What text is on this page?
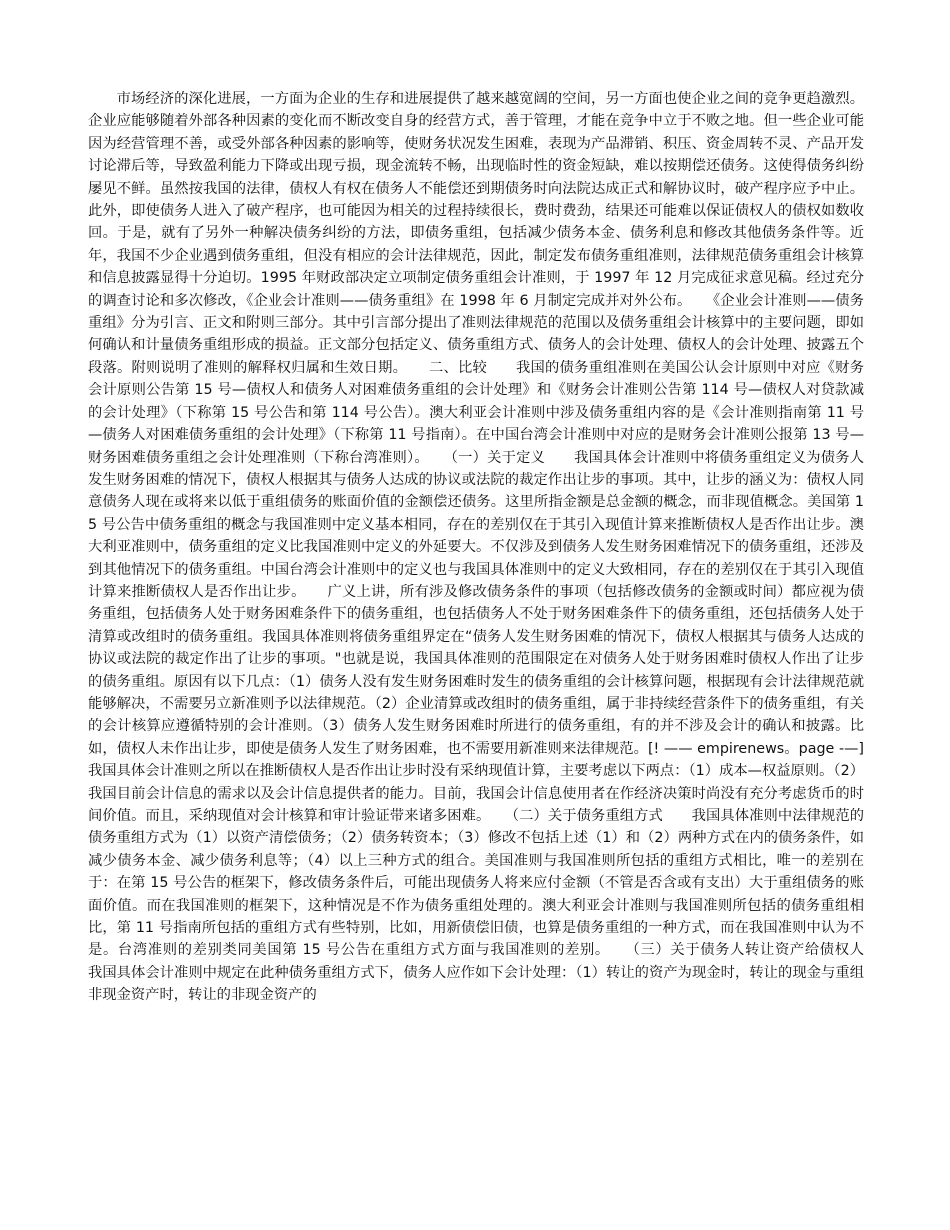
市场经济的深化进展，一方面为企业的生存和进展提供了越来越宽阔的空间，另一方面也使企业之间的竞争更趋激烈。企业应能够随着外部各种因素的变化而不断改变自身的经营方式，善于管理，才能在竞争中立于不败之地。但一些企业可能因为经营管理不善，或受外部各种因素的影响等，使财务状况发生困难，表现为产品滞销、积压、资金周转不灵、产品开发讨论滞后等，导致盈利能力下降或出现亏损，现金流转不畅，出现临时性的资金短缺，难以按期偿还债务。这使得债务纠纷屡见不鲜。虽然按我国的法律，债权人有权在债务人不能偿还到期债务时向法院达成正式和解协议时，破产程序应予中止。此外，即使债务人进入了破产程序，也可能因为相关的过程持续很长，费时费劲，结果还可能难以保证债权人的债权如数收回。于是，就有了另外一种解决债务纠纷的方法，即债务重组，包括减少债务本金、债务利息和修改其他债务条件等。近年，我国不少企业遇到债务重组，但没有相应的会计法律规范，因此，制定发布债务重组准则，法律规范债务重组会计核算和信息披露显得十分迫切。1995 年财政部决定立项制定债务重组会计准则，于 1997 年 12 月完成征求意见稿。经过充分的调查讨论和多次修改，《企业会计准则——债务重组》在 1998 年 6 月制定完成并对外公布。　　《企业会计准则——债务重组》分为引言、正文和附则三部分。其中引言部分提出了准则法律规范的范围以及债务重组会计核算中的主要问题，即如何确认和计量债务重组形成的损益。正文部分包括定义、债务重组方式、债务人的会计处理、债权人的会计处理、披露五个段落。附则说明了准则的解释权归属和生效日期。　　二、比较　　我国的债务重组准则在美国公认会计原则中对应《财务会计原则公告第 15 号—债权人和债务人对困难债务重组的会计处理》和《财务会计准则公告第 114 号—债权人对贷款减的会计处理》（下称第 15 号公告和第 114 号公告）。澳大利亚会计准则中涉及债务重组内容的是《会计准则指南第 11 号—债务人对困难债务重组的会计处理》（下称第 11 号指南）。在中国台湾会计准则中对应的是财务会计准则公报第 13 号—财务困难债务重组之会计处理准则（下称台湾准则）。　　（一）关于定义　　我国具体会计准则中将债务重组定义为债务人发生财务困难的情况下，债权人根据其与债务人达成的协议或法院的裁定作出让步的事项。其中，让步的涵义为：债权人同意债务人现在或将来以低于重组债务的账面价值的金额偿还债务。这里所指金额是总金额的概念，而非现值概念。美国第 15 号公告中债务重组的概念与我国准则中定义基本相同，存在的差别仅在于其引入现值计算来推断债权人是否作出让步。澳大利亚准则中，债务重组的定义比我国准则中定义的外延要大。不仅涉及到债务人发生财务困难情况下的债务重组，还涉及到其他情况下的债务重组。中国台湾会计准则中的定义也与我国具体准则中的定义大致相同，存在的差别仅在于其引入现值计算来推断债权人是否作出让步。　　广义上讲，所有涉及修改债务条件的事项（包括修改债务的金额或时间）都应视为债务重组，包括债务人处于财务困难条件下的债务重组，也包括债务人不处于财务困难条件下的债务重组，还包括债务人处于清算或改组时的债务重组。我国具体准则将债务重组界定在“债务人发生财务困难的情况下，债权人根据其与债务人达成的协议或法院的裁定作出了让步的事项。"也就是说，我国具体准则的范围限定在对债务人处于财务困难时债权人作出了让步的债务重组。原因有以下几点：（1）债务人没有发生财务困难时发生的债务重组的会计核算问题，根据现有会计法律规范就能够解决，不需要另立新准则予以法律规范。（2）企业清算或改组时的债务重组，属于非持续经营条件下的债务重组，有关的会计核算应遵循特别的会计准则。（3）债务人发生财务困难时所进行的债务重组，有的并不涉及会计的确认和披露。比如，债权人未作出让步，即使是债务人发生了财务困难，也不需要用新准则来法律规范。[! —— empirenews。page -—]　　我国具体会计准则之所以在推断债权人是否作出让步时没有采纳现值计算，主要考虑以下两点：（1）成本—权益原则。（2）我国目前会计信息的需求以及会计信息提供者的能力。目前，我国会计信息使用者在作经济决策时尚没有充分考虑货币的时间价值。而且，采纳现值对会计核算和审计验证带来诸多困难。　　（二）关于债务重组方式　　我国具体准则中法律规范的债务重组方式为（1）以资产清偿债务；（2）债务转资本；（3）修改不包括上述（1）和（2）两种方式在内的债务条件，如减少债务本金、减少债务利息等；（4）以上三种方式的组合。美国准则与我国准则所包括的重组方式相比，唯一的差别在于：在第 15 号公告的框架下，修改债务条件后，可能出现债务人将来应付金额（不管是否含或有支出）大于重组债务的账面价值。而在我国准则的框架下，这种情况是不作为债务重组处理的。澳大利亚会计准则与我国准则所包括的债务重组相比，第 11 号指南所包括的重组方式有些特别，比如，用新债偿旧债，也算是债务重组的一种方式，而在我国准则中认为不是。台湾准则的差别类同美国第 15 号公告在重组方式方面与我国准则的差别。　　（三）关于债务人转让资产给债权人　　我国具体会计准则中规定在此种债务重组方式下，债务人应作如下会计处理：（1）转让的资产为现金时，转让的现金与重组非现金资产时，转让的非现金资产的
